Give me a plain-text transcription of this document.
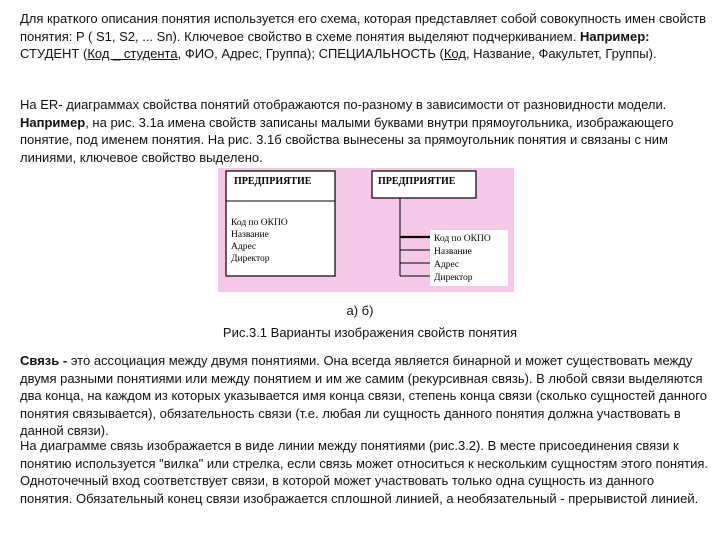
Для краткого описания понятия используется его схема, которая представляет собой совокупность имен свойств понятия: P ( S1, S2, ... Sn). Ключевое свойство в схеме понятия выделяют подчеркиванием. Например: СТУДЕНТ (Код _ студента, ФИО, Адрес, Группа); СПЕЦИАЛЬНОСТЬ (Код, Название, Факультет, Группы).
На ER- диаграммах свойства понятий отображаются по-разному в зависимости от разновидности модели. Например, на рис. 3.1а имена свойств записаны малыми буквами внутри прямоугольника, изображающего понятие, под именем понятия. На рис. 3.1б свойства вынесены за прямоугольник понятия и связаны с ним линиями, ключевое свойство выделено.
ПРЕДПРИЯТИЕ
Код по ОКПО
Название
Адрес
Директор
ПРЕДПРИЯТИЕ
Код по ОКПО
Название
Адрес
Директор
а) б)
Рис.3.1 Варианты изображения свойств понятия
Связь - это ассоциация между двумя понятиями. Она всегда является бинарной и может существовать между двумя разными понятиями или между понятием и им же самим (рекурсивная связь). В любой связи выделяются два конца, на каждом из которых указывается имя конца связи, степень конца связи (сколько сущностей данного понятия связывается), обязательность связи (т.е. любая ли сущность данного понятия должна участвовать в данной связи).
На диаграмме связь изображается в виде линии между понятиями (рис.3.2). В месте присоединения связи к понятию используется "вилка" или стрелка, если связь может относиться к нескольким сущностям этого понятия. Одноточечный вход соответствует связи, в которой может участвовать только одна сущность из данного понятия. Обязательный конец связи изображается сплошной линией, а необязательный - прерывистой линией.
